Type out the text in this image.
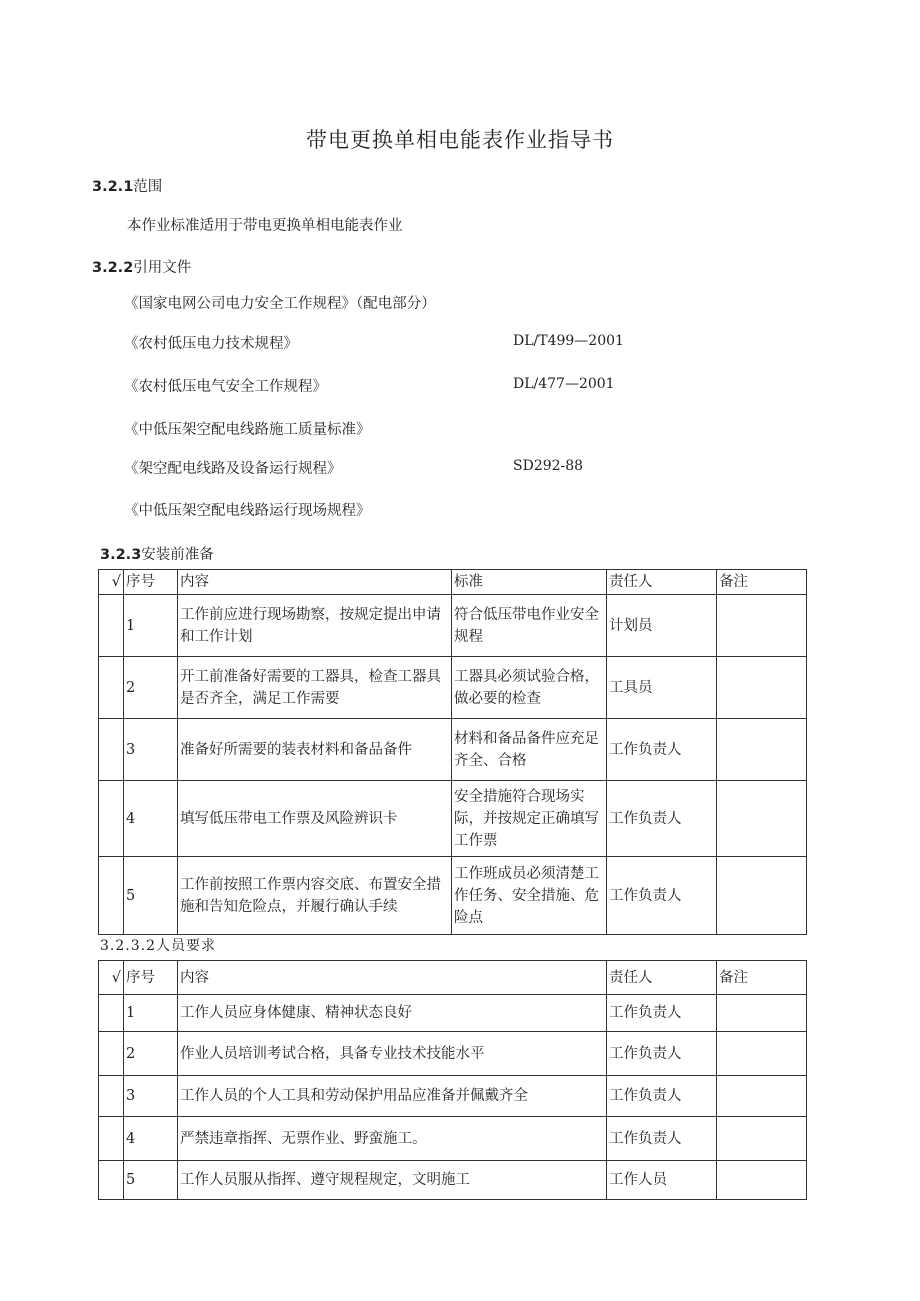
带电更换单相电能表作业指导书
3.2.1范围
本作业标准适用于带电更换单相电能表作业
3.2.2引用文件
《国家电网公司电力安全工作规程》（配电部分）
《农村低压电力技术规程》	DL/T499—2001
《农村低压电气安全工作规程》	DL/477—2001
《中低压架空配电线路施工质量标准》
《架空配电线路及设备运行规程》	SD292-88
《中低压架空配电线路运行现场规程》
3.2.3安装前准备
√	序号	内容	标准	责任人	备注
	1	工作前应进行现场勘察，按规定提出申请和工作计划	符合低压带电作业安全规程	计划员	
	2	开工前准备好需要的工器具，检查工器具是否齐全，满足工作需要	工器具必须试验合格，做必要的检查	工具员	
	3	准备好所需要的装表材料和备品备件	材料和备品备件应充足齐全、合格	工作负责人	
	4	填写低压带电工作票及风险辨识卡	安全措施符合现场实际，并按规定正确填写工作票	工作负责人	
	5	工作前按照工作票内容交底、布置安全措施和告知危险点，并履行确认手续	工作班成员必须清楚工作任务、安全措施、危险点	工作负责人	
3.2.3.2人员要求
√	序号	内容	责任人	备注
	1	工作人员应身体健康、精神状态良好	工作负责人	
	2	作业人员培训考试合格，具备专业技术技能水平	工作负责人	
	3	工作人员的个人工具和劳动保护用品应准备并佩戴齐全	工作负责人	
	4	严禁违章指挥、无票作业、野蛮施工。	工作负责人	
	5	工作人员服从指挥、遵守规程规定，文明施工	工作人员	
